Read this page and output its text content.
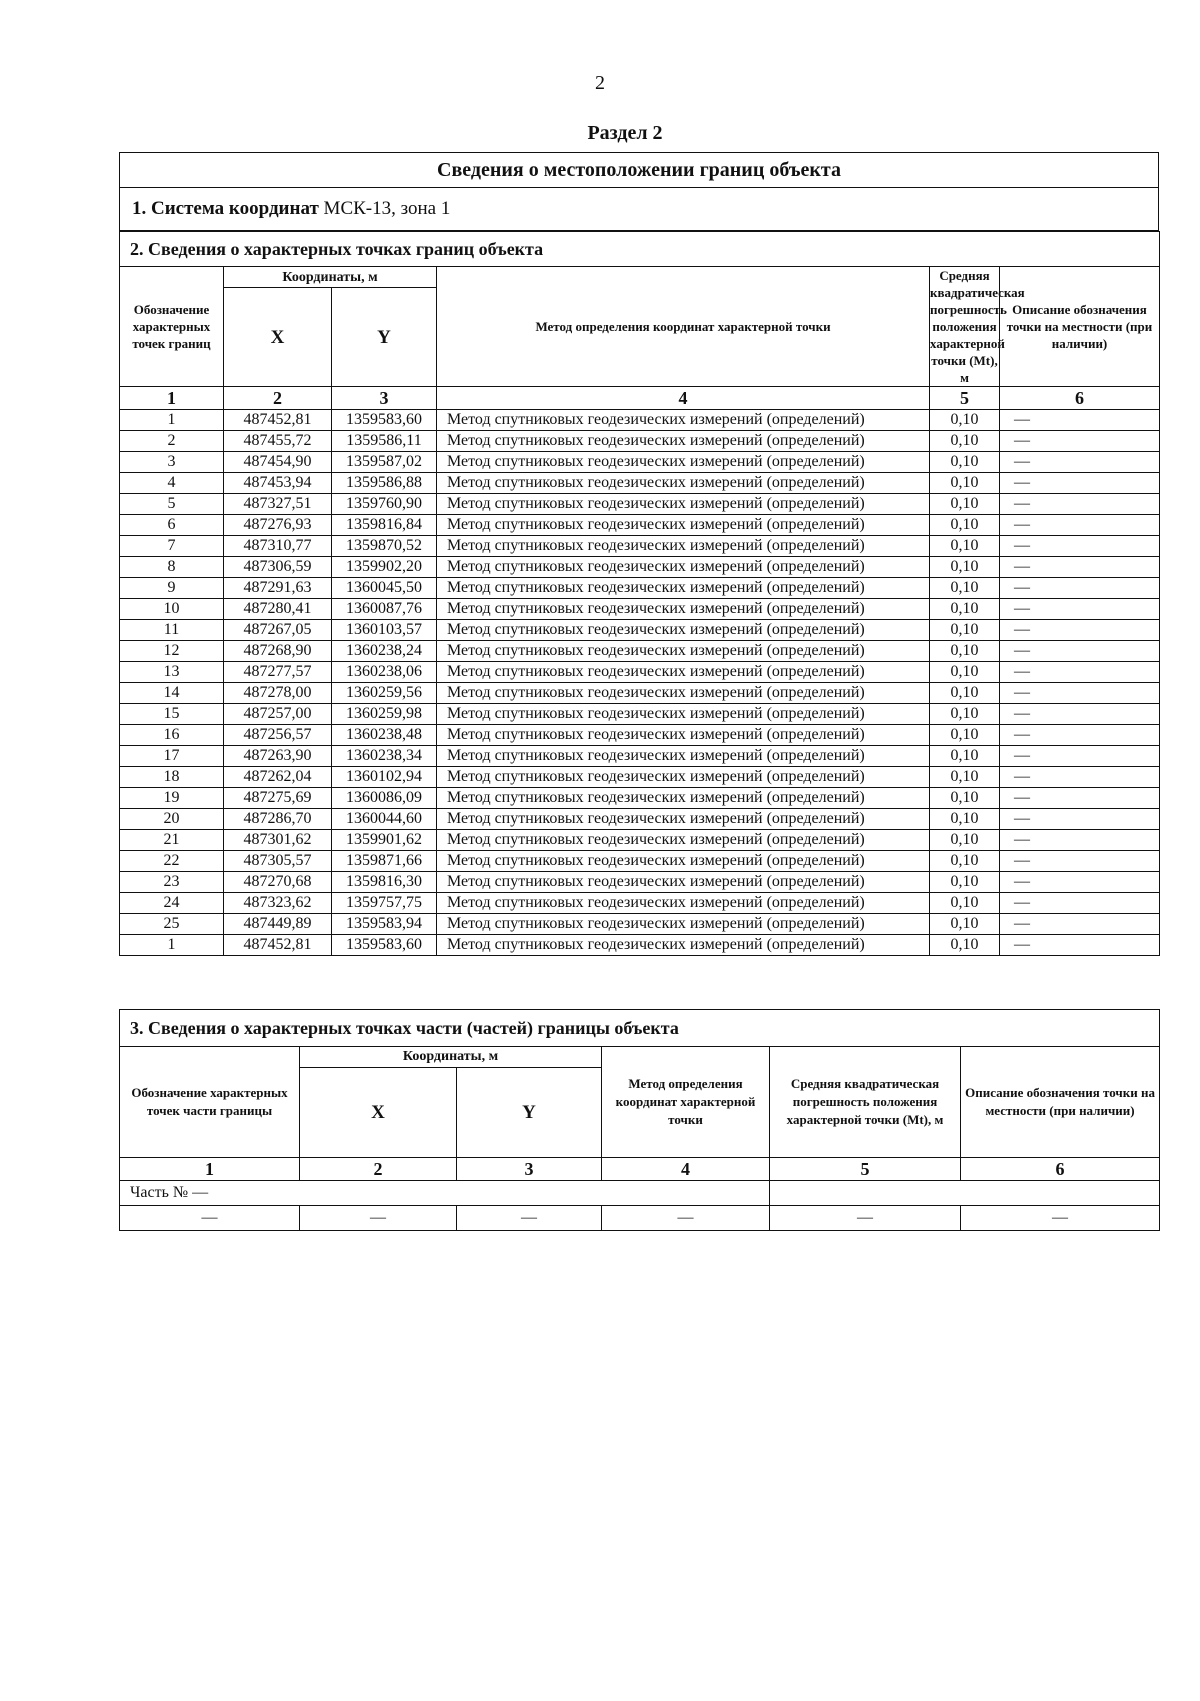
2
Раздел 2
Сведения о местоположении границ объекта
1. Система координат МСК-13, зона 1
2. Сведения о характерных точках границ объекта					
Обозначение характерных точек границ	Координаты, м		Метод определения координат характерной точки	Средняя квадратическая погрешность положения характерной точки (Mt), м	Описание обозначения точки на местности (при наличии)
	X	Y			
1	2	3	4	5	6
1	487452,81	1359583,60	Метод спутниковых геодезических измерений (определений)	0,10	—
2	487455,72	1359586,11	Метод спутниковых геодезических измерений (определений)	0,10	—
3	487454,90	1359587,02	Метод спутниковых геодезических измерений (определений)	0,10	—
4	487453,94	1359586,88	Метод спутниковых геодезических измерений (определений)	0,10	—
5	487327,51	1359760,90	Метод спутниковых геодезических измерений (определений)	0,10	—
6	487276,93	1359816,84	Метод спутниковых геодезических измерений (определений)	0,10	—
7	487310,77	1359870,52	Метод спутниковых геодезических измерений (определений)	0,10	—
8	487306,59	1359902,20	Метод спутниковых геодезических измерений (определений)	0,10	—
9	487291,63	1360045,50	Метод спутниковых геодезических измерений (определений)	0,10	—
10	487280,41	1360087,76	Метод спутниковых геодезических измерений (определений)	0,10	—
11	487267,05	1360103,57	Метод спутниковых геодезических измерений (определений)	0,10	—
12	487268,90	1360238,24	Метод спутниковых геодезических измерений (определений)	0,10	—
13	487277,57	1360238,06	Метод спутниковых геодезических измерений (определений)	0,10	—
14	487278,00	1360259,56	Метод спутниковых геодезических измерений (определений)	0,10	—
15	487257,00	1360259,98	Метод спутниковых геодезических измерений (определений)	0,10	—
16	487256,57	1360238,48	Метод спутниковых геодезических измерений (определений)	0,10	—
17	487263,90	1360238,34	Метод спутниковых геодезических измерений (определений)	0,10	—
18	487262,04	1360102,94	Метод спутниковых геодезических измерений (определений)	0,10	—
19	487275,69	1360086,09	Метод спутниковых геодезических измерений (определений)	0,10	—
20	487286,70	1360044,60	Метод спутниковых геодезических измерений (определений)	0,10	—
21	487301,62	1359901,62	Метод спутниковых геодезических измерений (определений)	0,10	—
22	487305,57	1359871,66	Метод спутниковых геодезических измерений (определений)	0,10	—
23	487270,68	1359816,30	Метод спутниковых геодезических измерений (определений)	0,10	—
24	487323,62	1359757,75	Метод спутниковых геодезических измерений (определений)	0,10	—
25	487449,89	1359583,94	Метод спутниковых геодезических измерений (определений)	0,10	—
1	487452,81	1359583,60	Метод спутниковых геодезических измерений (определений)	0,10	—
3. Сведения о характерных точках части (частей) границы объекта					
Обозначение характерных точек части границы	Координаты, м		Метод определения координат характерной точки	Средняя квадратическая погрешность положения характерной точки (Mt), м	Описание обозначения точки на местности (при наличии)
	X	Y			
1	2	3	4	5	6
Часть № —					
—	—	—	—	—	—
